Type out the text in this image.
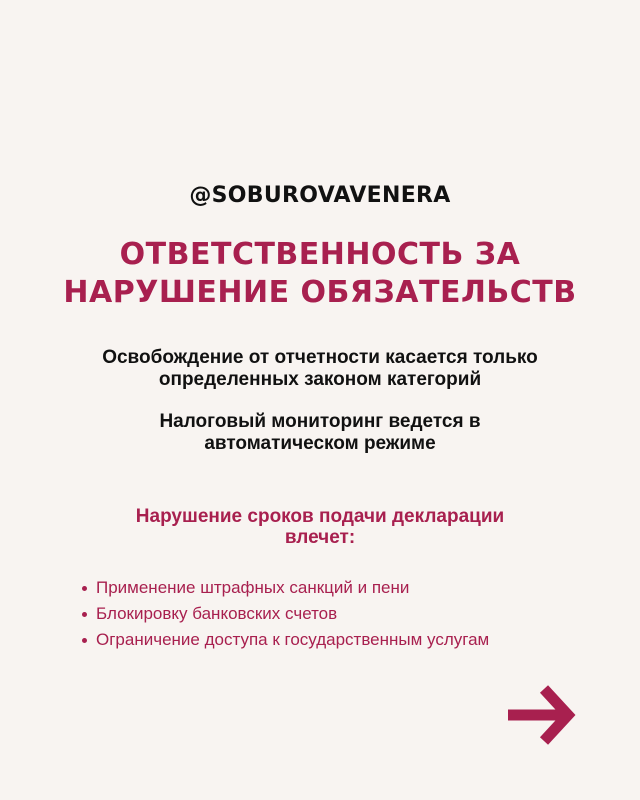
@SOBUROVAVENERA
ОТВЕТСТВЕННОСТЬ ЗА
НАРУШЕНИЕ ОБЯЗАТЕЛЬСТВ
Освобождение от отчетности касается только
определенных законом категорий
Налоговый мониторинг ведется в
автоматическом режиме
Нарушение сроков подачи декларации
влечет:
Применение штрафных санкций и пени
Блокировку банковских счетов
Ограничение доступа к государственным услугам
